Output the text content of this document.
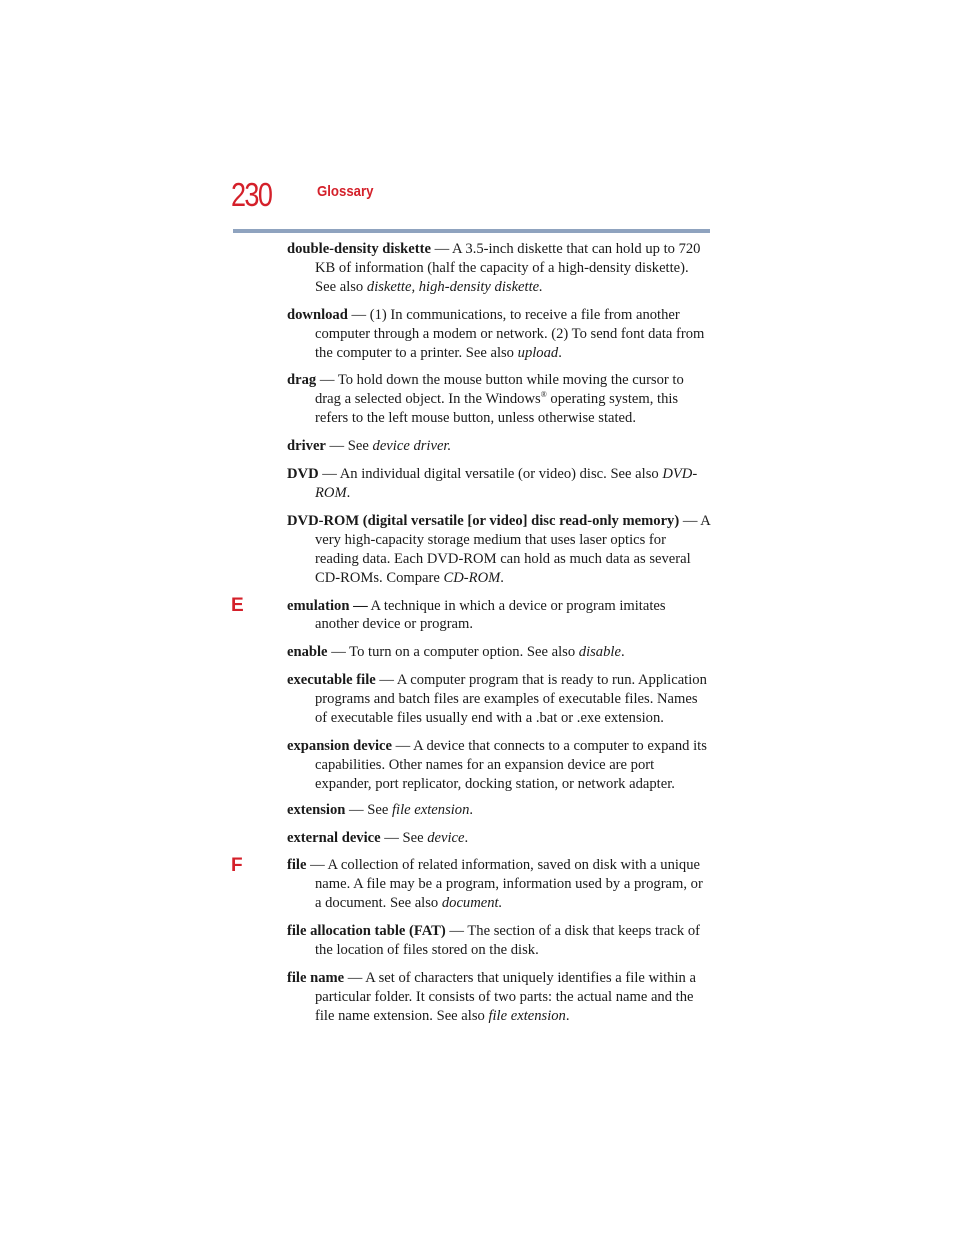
230	Glossary
E
F

double-density diskette — A 3.5-inch diskette that can hold up to 720 KB of information (half the capacity of a high-density diskette). See also diskette, high-density diskette.

download — (1) In communications, to receive a file from another computer through a modem or network. (2) To send font data from the computer to a printer. See also upload.

drag — To hold down the mouse button while moving the cursor to drag a selected object. In the Windows® operating system, this refers to the left mouse button, unless otherwise stated.

driver — See device driver.

DVD — An individual digital versatile (or video) disc. See also DVD-ROM.

DVD-ROM (digital versatile [or video] disc read-only memory) — A very high-capacity storage medium that uses laser optics for reading data. Each DVD-ROM can hold as much data as several CD-ROMs. Compare CD-ROM.

emulation — A technique in which a device or program imitates another device or program.

enable — To turn on a computer option. See also disable.

executable file — A computer program that is ready to run. Application programs and batch files are examples of executable files. Names of executable files usually end with a .bat or .exe extension.

expansion device — A device that connects to a computer to expand its capabilities. Other names for an expansion device are port expander, port replicator, docking station, or network adapter.

extension — See file extension.

external device — See device.

file — A collection of related information, saved on disk with a unique name. A file may be a program, information used by a program, or a document. See also document.

file allocation table (FAT) — The section of a disk that keeps track of the location of files stored on the disk.

file name — A set of characters that uniquely identifies a file within a particular folder. It consists of two parts: the actual name and the file name extension. See also file extension.
